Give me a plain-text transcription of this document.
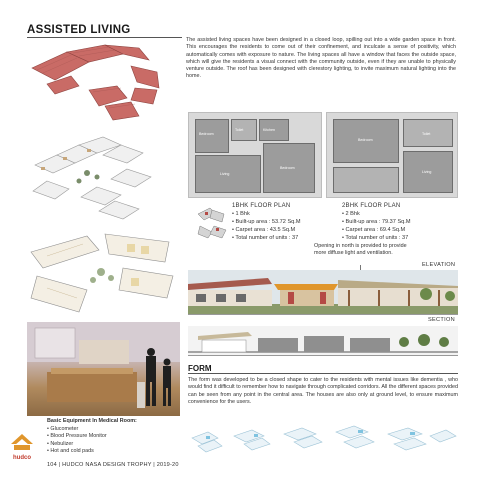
ASSISTED LIVING
The assisted living spaces have been designed in a closed loop, spilling out into a wide garden space in front. This encourages the residents to come out of their confinement, and inculcate a sense of positivity, which automatically comes with exposure to nature. The living spaces all have a window that faces the outside space, which will give the residents a visual connect with the community outside, even if they are unable to physically venture outside. The roof has been designed with clerestory lighting, to invite maximum natural lighting into the home.
Bedroom
Toilet	Kitchen
Living
Bedroom
Bedroom
Toilet
Living
1BHK FLOOR PLAN
• 1 Bhk
• Built-up area : 53.72 Sq.M
• Carpet area : 43.5 Sq.M
• Total number of units : 37
2BHK FLOOR PLAN
• 2 Bhk
• Built-up area : 79.37 Sq.M
• Carpet area : 69.4 Sq.M
• Total number of units : 37
Opening in north is provided to provide more diffuse light and ventilation.
ELEVATION
SECTION
FORM
The form was developed to be a closed shape to cater to the residents with mental issues like dementia , who would find it difficult to remember how to navigate through complicated corridors. All the different spaces provided can be seen from any point in the central area. The houses are also only at ground level, to ensure maximum convenience for the users.
Basic Equipment In Medical Room:
• Glucometer
• Blood Pressure Monitor
• Nebulizer
• Hot and cold pads
hudco
104 | HUDCO NASA DESIGN TROPHY | 2019-20
